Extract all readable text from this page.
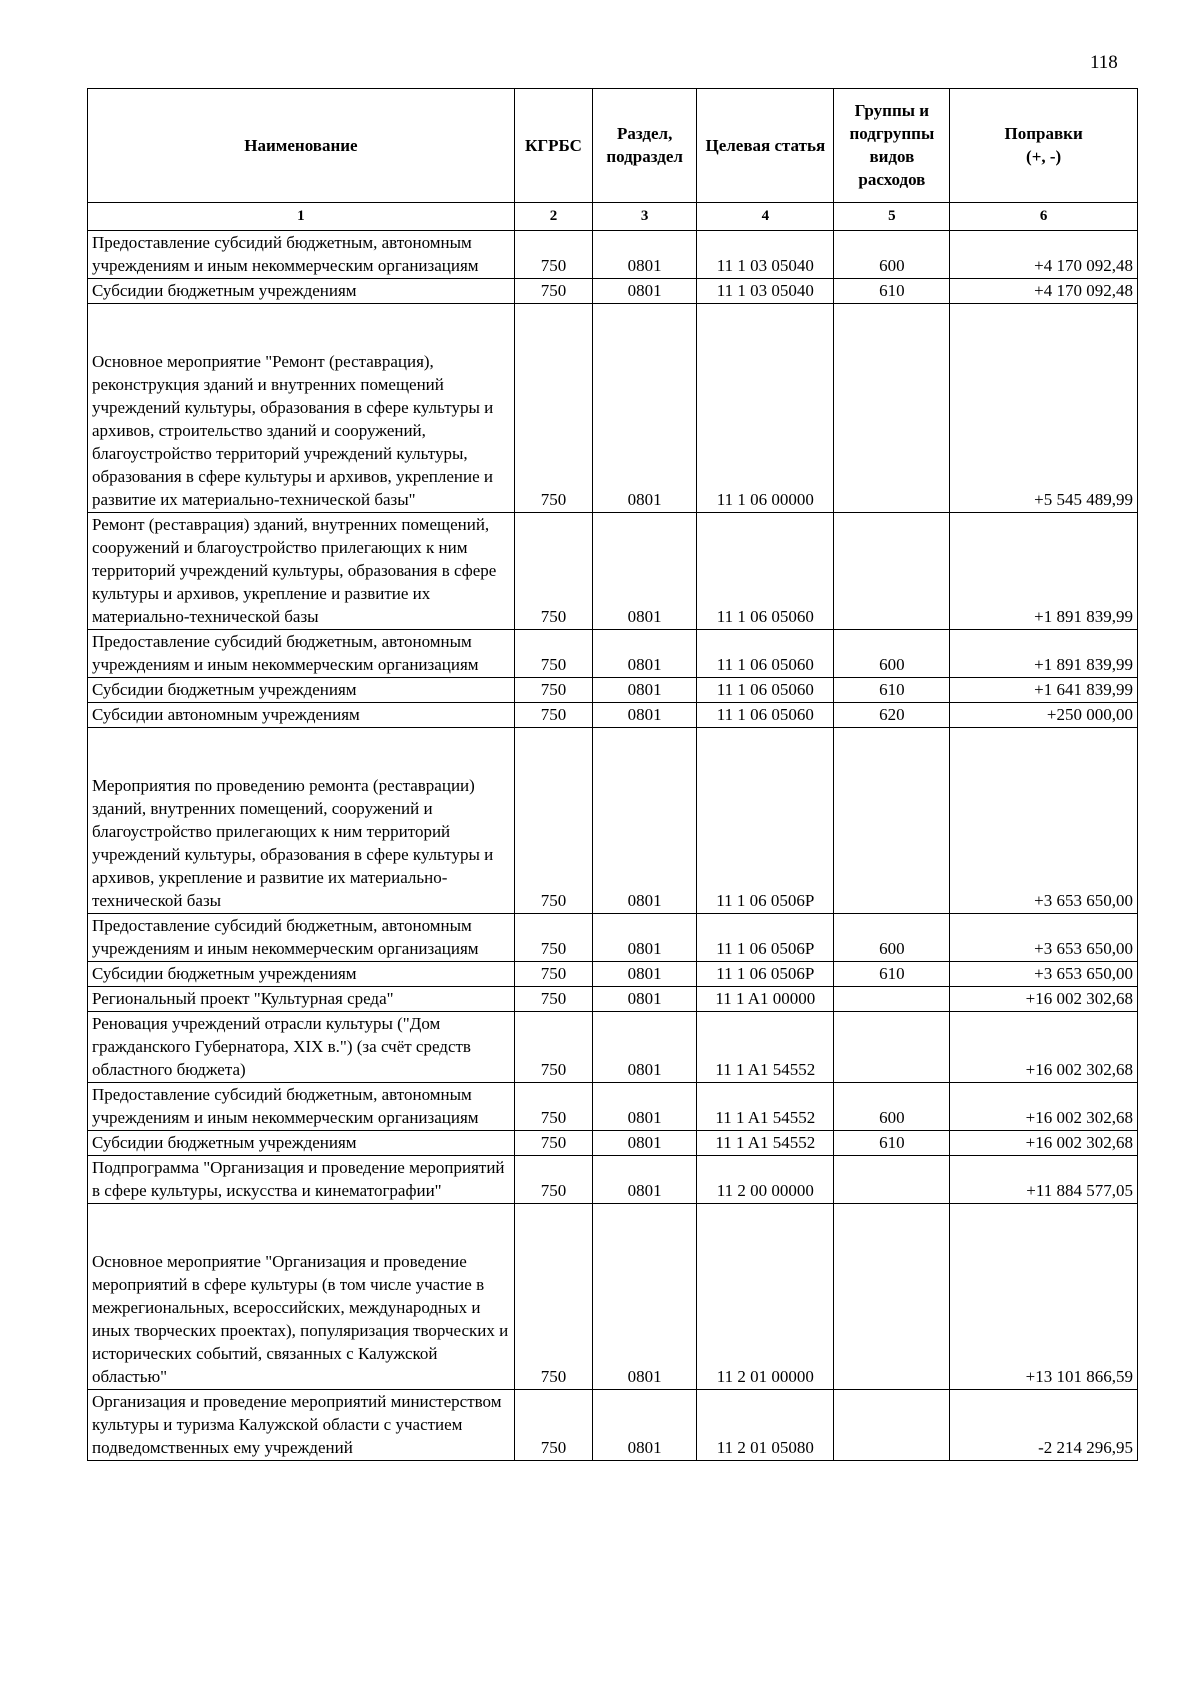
118
Наименование	КГРБС	Раздел, подраздел	Целевая статья	Группы и подгруппы видов расходов	Поправки
(+, -)
1	2	3	4	5	6
Предоставление субсидий бюджетным, автономным учреждениям и иным некоммерческим организациям	750	0801	11 1 03 05040	600	+4 170 092,48
Субсидии бюджетным учреждениям	750	0801	11 1 03 05040	610	+4 170 092,48
Основное мероприятие "Ремонт (реставрация), реконструкция зданий и внутренних помещений учреждений культуры, образования в сфере культуры и архивов, строительство зданий и сооружений, благоустройство территорий учреждений культуры, образования в сфере культуры и архивов, укрепление и развитие их материально-технической базы"	750	0801	11 1 06 00000		+5 545 489,99
Ремонт (реставрация) зданий, внутренних помещений, сооружений и благоустройство прилегающих к ним территорий учреждений культуры, образования в сфере культуры и архивов, укрепление и развитие их материально-технической базы	750	0801	11 1 06 05060		+1 891 839,99
Предоставление субсидий бюджетным, автономным учреждениям и иным некоммерческим организациям	750	0801	11 1 06 05060	600	+1 891 839,99
Субсидии бюджетным учреждениям	750	0801	11 1 06 05060	610	+1 641 839,99
Субсидии автономным учреждениям	750	0801	11 1 06 05060	620	+250 000,00
Мероприятия по проведению ремонта (реставрации) зданий, внутренних помещений, сооружений и благоустройство прилегающих к ним территорий учреждений культуры, образования в сфере культуры и архивов, укрепление и развитие их материально-технической базы	750	0801	11 1 06 0506Р		+3 653 650,00
Предоставление субсидий бюджетным, автономным учреждениям и иным некоммерческим организациям	750	0801	11 1 06 0506Р	600	+3 653 650,00
Субсидии бюджетным учреждениям	750	0801	11 1 06 0506Р	610	+3 653 650,00
Региональный проект "Культурная среда"	750	0801	11 1 A1 00000		+16 002 302,68
Реновация учреждений отрасли культуры ("Дом гражданского Губернатора, XIX в.") (за счёт средств областного бюджета)	750	0801	11 1 A1 54552		+16 002 302,68
Предоставление субсидий бюджетным, автономным учреждениям и иным некоммерческим организациям	750	0801	11 1 A1 54552	600	+16 002 302,68
Субсидии бюджетным учреждениям	750	0801	11 1 A1 54552	610	+16 002 302,68
Подпрограмма "Организация и проведение мероприятий в сфере культуры, искусства и кинематографии"	750	0801	11 2 00 00000		+11 884 577,05
Основное мероприятие "Организация и проведение мероприятий в сфере культуры (в том числе участие в межрегиональных, всероссийских, международных и иных творческих проектах), популяризация творческих и исторических событий, связанных с Калужской областью"	750	0801	11 2 01 00000		+13 101 866,59
Организация и проведение мероприятий министерством культуры и туризма Калужской области с участием подведомственных ему учреждений	750	0801	11 2 01 05080		-2 214 296,95
